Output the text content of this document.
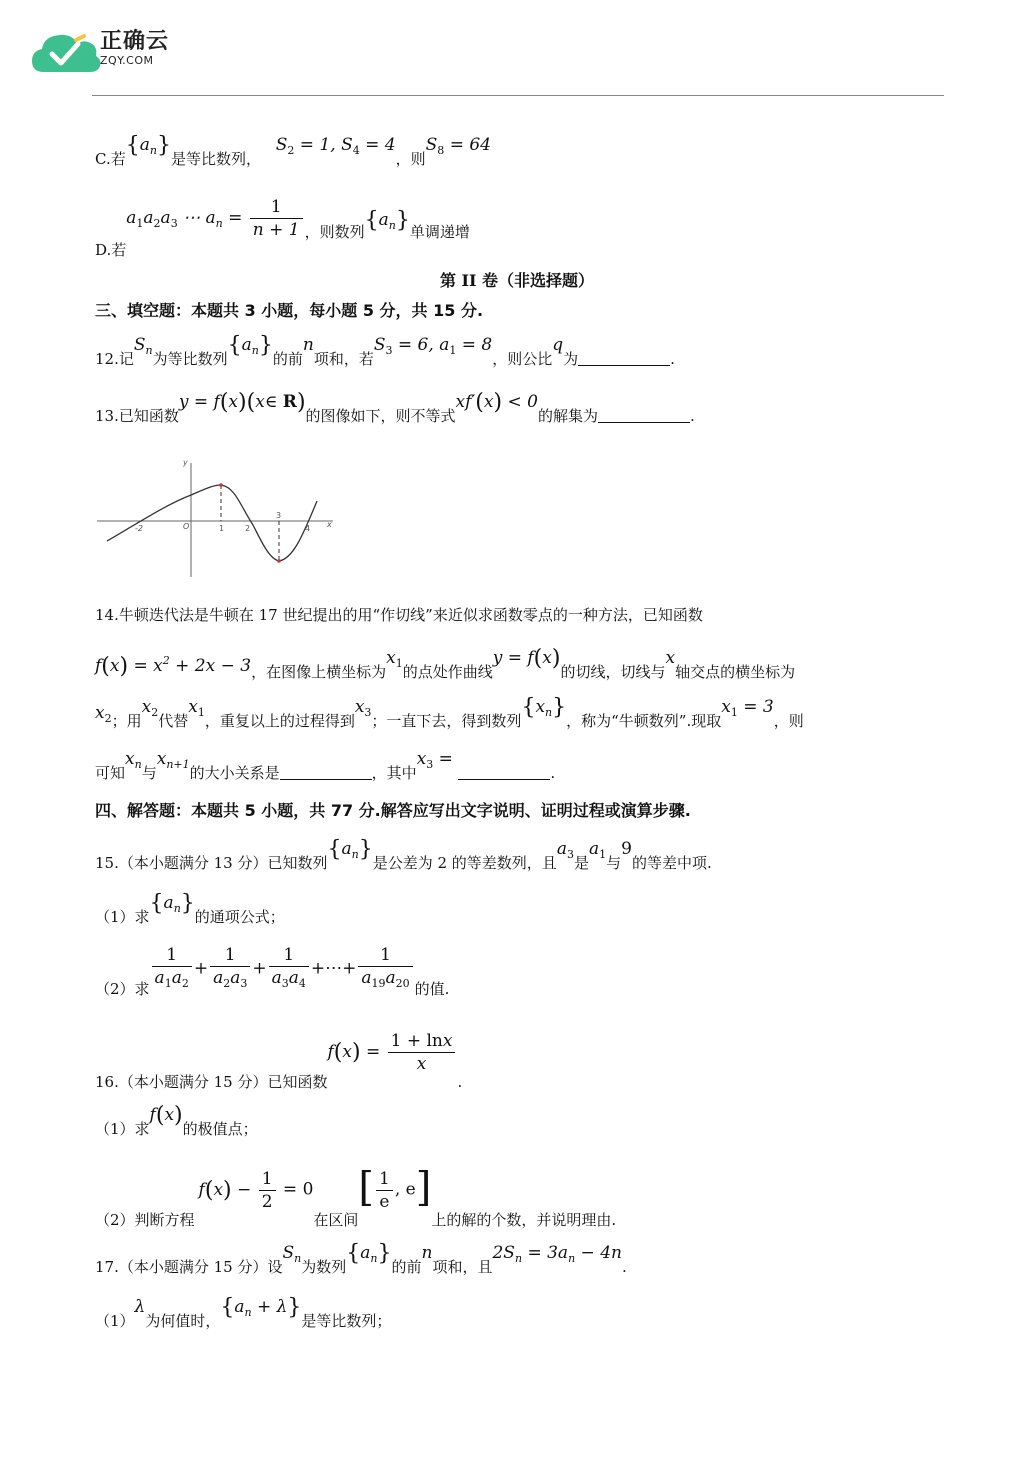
正确云
ZQY.COM
C.若$\{a_n\}$是等比数列， $S_2 = 1$, $S_4 = 4$，则$S_8 = 64$
D.若$a_1a_2a_3$ ⋯ $a_n = \frac{1}{n + 1}$ ，则数列$\{a_n\}$单调递增
第 II 卷（非选择题）
三、填空题：本题共 3 小题，每小题 5 分，共 15 分.
12.记$S_n$为等比数列$\{a_n\}$的前n项和，若$S_3 = 6$, $a_1 = 8$，则公比q为	.
13.已知函数y = f(x)(x∈ R)的图像如下，则不等式xf′(x) < 0的解集为	.
-2	O	1	2
3
4 x
y
14.牛顿迭代法是牛顿在 17 世纪提出的用“作切线”来近似求函数零点的一种方法，已知函数
$f(x) = x^2 + 2x - 3$，在图像上横坐标为$x_1$的点处作曲线y = f(x)的切线，切线与x轴交点的横坐标为
$x_2$；用$x_2$代替$x_1$，重复以上的过程得到$x_3$；一直下去，得到数列$\{x_n\}$，称为“牛顿数列”.现取$x_1 = 3$，则
可知$x_n$与$x_{n+1}$的大小关系是	，其中$x_3$ = .
四、解答题：本题共 5 小题，共 77 分.解答应写出文字说明、证明过程或演算步骤.
15.（本小题满分 13 分）已知数列$\{a_n\}$是公差为 2 的等差数列，且$a_3$是$a_1$与9的等差中项.
（1）求$\{a_n\}$的通项公式；
（2）求 $\frac{1}{a_1a_2} + \frac{1}{a_2a_3} + \frac{1}{a_3a_4}$ +⋯+ $\frac{1}{a_{19}a_{20}}$ 的值.
16.（本小题满分 15 分）已知函数$f(x) = \frac{1 + \ln x}{x}$
.
（1）求f(x)的极值点；
（2）判断方程$f(x) - \frac{1}{2} = 0$在区间[ $\frac{1}{e}$ , e]上的解的个数，并说明理由.
17.（本小题满分 15 分）设$S_n$为数列$\{a_n\}$的前n项和，且$2S_n = 3a_n - 4n$.
（1）λ为何值时，$\{a_n + \lambda\}$是等比数列；
